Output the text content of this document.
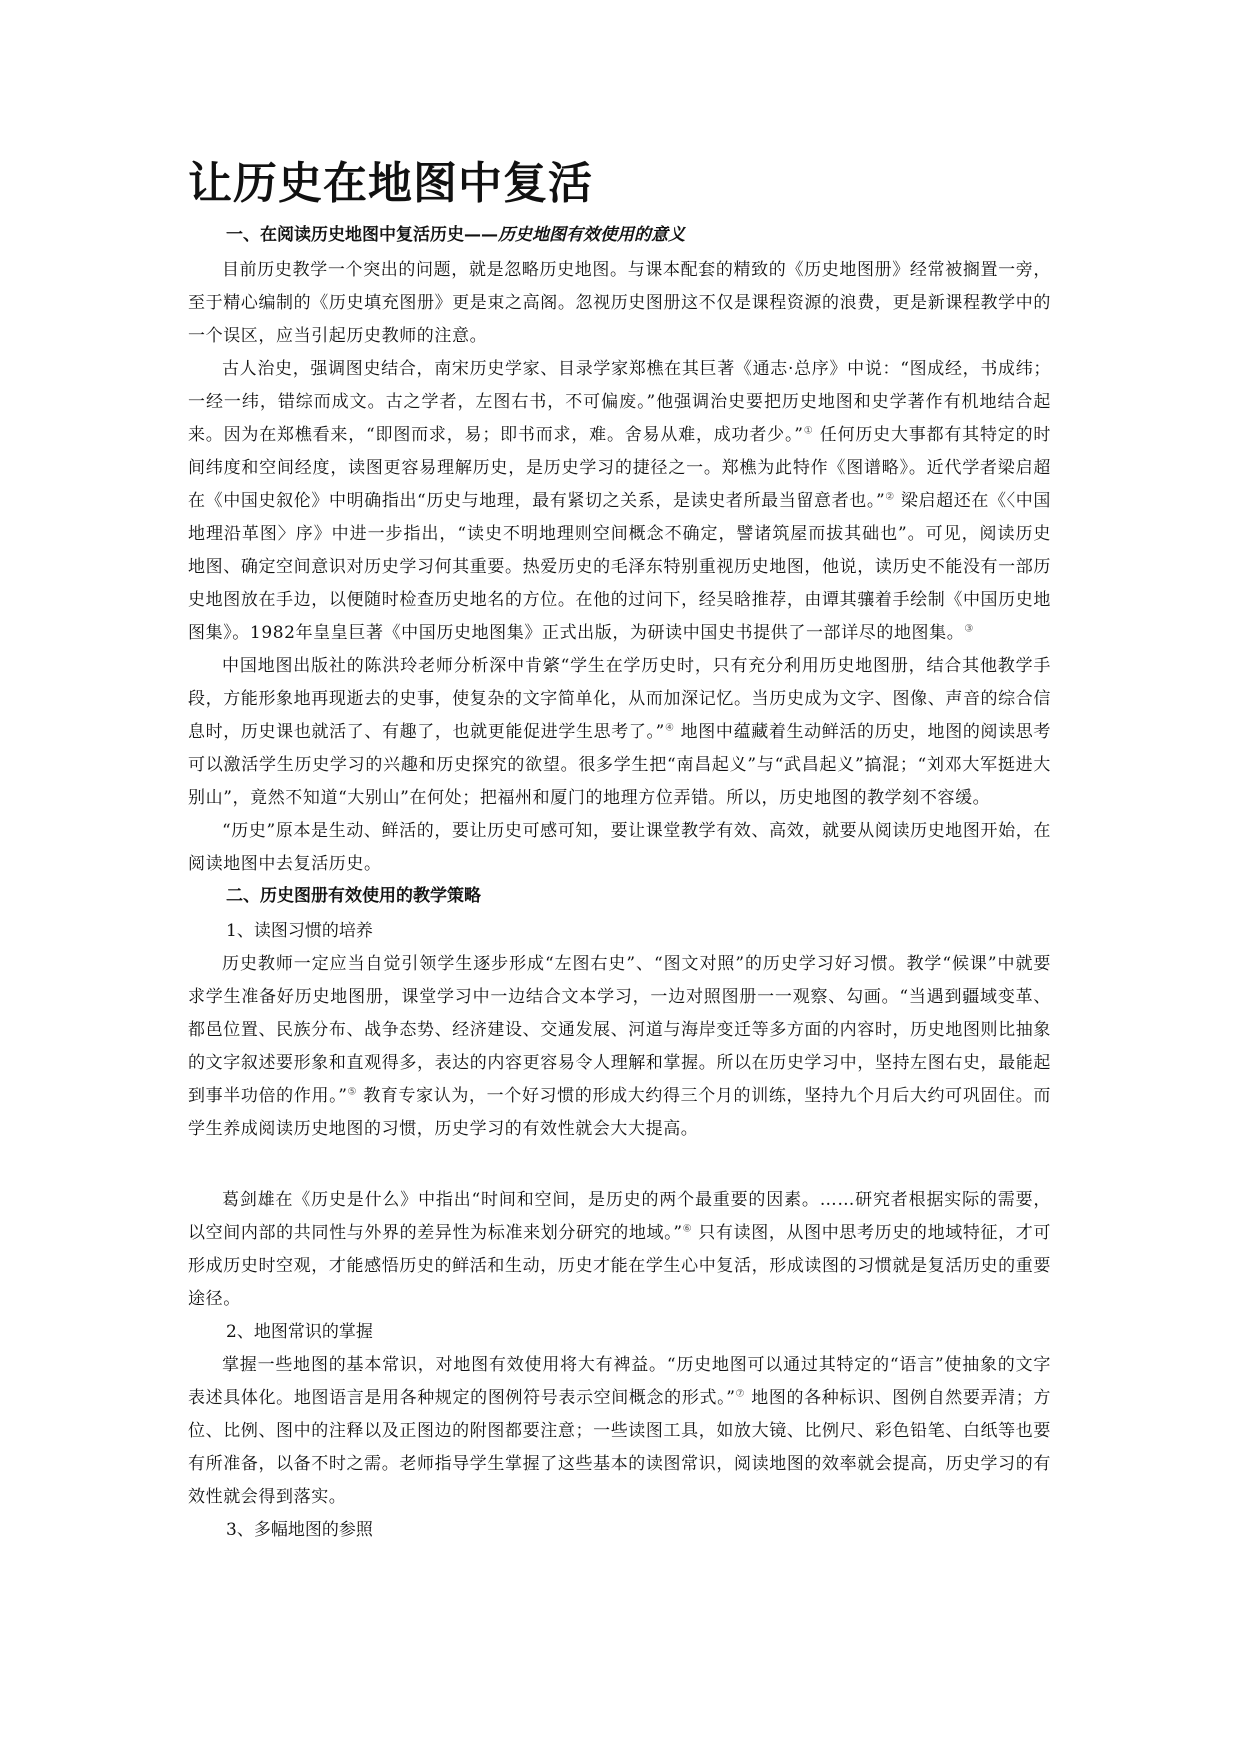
让历史在地图中复活
一、在阅读历史地图中复活历史——历史地图有效使用的意义

目前历史教学一个突出的问题，就是忽略历史地图。与课本配套的精致的《历史地图册》经常被搁置一旁，至于精心编制的《历史填充图册》更是束之高阁。忽视历史图册这不仅是课程资源的浪费，更是新课程教学中的一个误区，应当引起历史教师的注意。

古人治史，强调图史结合，南宋历史学家、目录学家郑樵在其巨著《通志·总序》中说：“图成经，书成纬；一经一纬，错综而成文。古之学者，左图右书，不可偏废。”他强调治史要把历史地图和史学著作有机地结合起来。因为在郑樵看来，“即图而求，易；即书而求，难。舍易从难，成功者少。”① 任何历史大事都有其特定的时间纬度和空间经度，读图更容易理解历史，是历史学习的捷径之一。郑樵为此特作《图谱略》。近代学者梁启超在《中国史叙伦》中明确指出“历史与地理，最有紧切之关系，是读史者所最当留意者也。”② 梁启超还在《〈中国地理沿革图〉序》中进一步指出，“读史不明地理则空间概念不确定，譬诸筑屋而拔其础也”。可见，阅读历史地图、确定空间意识对历史学习何其重要。热爱历史的毛泽东特别重视历史地图，他说，读历史不能没有一部历史地图放在手边，以便随时检查历史地名的方位。在他的过问下，经吴晗推荐，由谭其骧着手绘制《中国历史地图集》。1982年皇皇巨著《中国历史地图集》正式出版，为研读中国史书提供了一部详尽的地图集。③

中国地图出版社的陈洪玲老师分析深中肯綮“学生在学历史时，只有充分利用历史地图册，结合其他教学手段，方能形象地再现逝去的史事，使复杂的文字简单化，从而加深记忆。当历史成为文字、图像、声音的综合信息时，历史课也就活了、有趣了，也就更能促进学生思考了。”④ 地图中蕴藏着生动鲜活的历史，地图的阅读思考可以激活学生历史学习的兴趣和历史探究的欲望。很多学生把“南昌起义”与“武昌起义”搞混；“刘邓大军挺进大别山”，竟然不知道“大别山”在何处；把福州和厦门的地理方位弄错。所以，历史地图的教学刻不容缓。

“历史”原本是生动、鲜活的，要让历史可感可知，要让课堂教学有效、高效，就要从阅读历史地图开始，在阅读地图中去复活历史。

二、历史图册有效使用的教学策略
1、读图习惯的培养

历史教师一定应当自觉引领学生逐步形成“左图右史”、“图文对照”的历史学习好习惯。教学“候课”中就要求学生准备好历史地图册，课堂学习中一边结合文本学习，一边对照图册一一观察、勾画。“当遇到疆域变革、都邑位置、民族分布、战争态势、经济建设、交通发展、河道与海岸变迁等多方面的内容时，历史地图则比抽象的文字叙述要形象和直观得多，表达的内容更容易令人理解和掌握。所以在历史学习中，坚持左图右史，最能起到事半功倍的作用。”⑤ 教育专家认为，一个好习惯的形成大约得三个月的训练，坚持九个月后大约可巩固住。而学生养成阅读历史地图的习惯，历史学习的有效性就会大大提高。

葛剑雄在《历史是什么》中指出“时间和空间，是历史的两个最重要的因素。……研究者根据实际的需要，以空间内部的共同性与外界的差异性为标准来划分研究的地域。”⑥ 只有读图，从图中思考历史的地域特征，才可形成历史时空观，才能感悟历史的鲜活和生动，历史才能在学生心中复活，形成读图的习惯就是复活历史的重要途径。

2、地图常识的掌握

掌握一些地图的基本常识，对地图有效使用将大有裨益。“历史地图可以通过其特定的“语言”使抽象的文字表述具体化。地图语言是用各种规定的图例符号表示空间概念的形式。”⑦ 地图的各种标识、图例自然要弄清；方位、比例、图中的注释以及正图边的附图都要注意；一些读图工具，如放大镜、比例尺、彩色铅笔、白纸等也要有所准备，以备不时之需。老师指导学生掌握了这些基本的读图常识，阅读地图的效率就会提高，历史学习的有效性就会得到落实。

3、多幅地图的参照
